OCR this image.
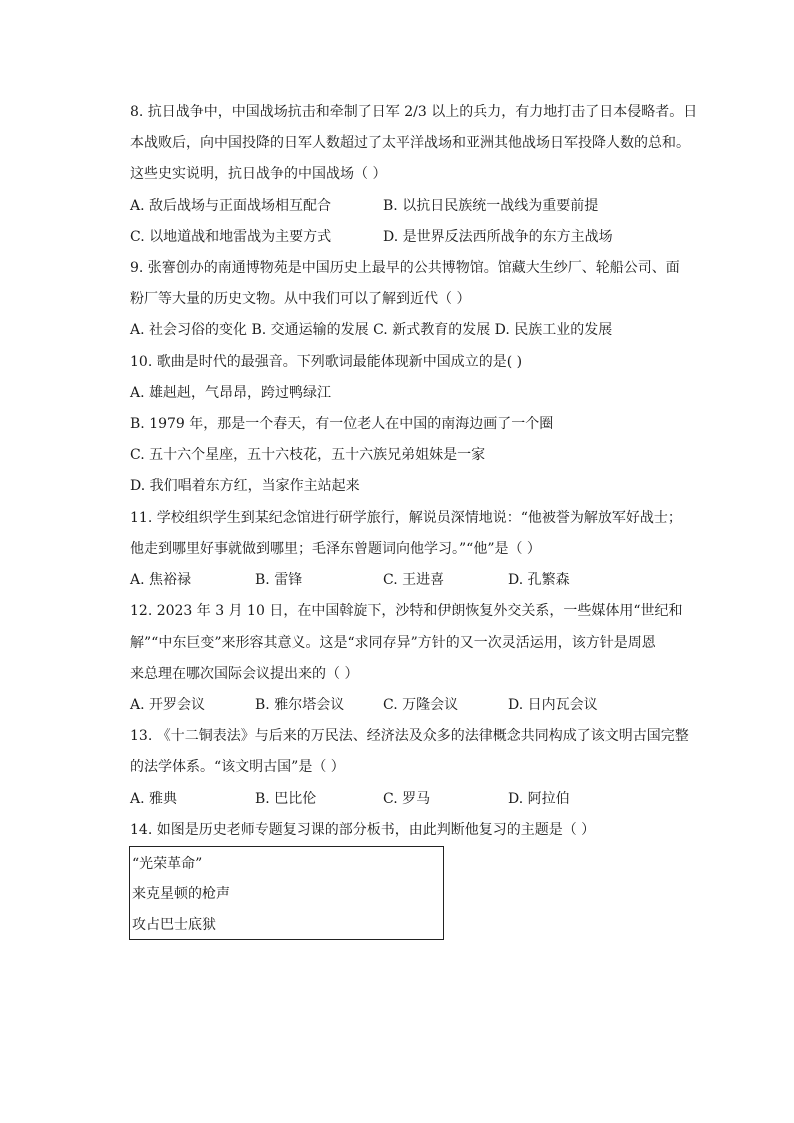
8. 抗日战争中，中国战场抗击和牵制了日军 2/3 以上的兵力，有力地打击了日本侵略者。日
本战败后，向中国投降的日军人数超过了太平洋战场和亚洲其他战场日军投降人数的总和。
这些史实说明，抗日战争的中国战场（ ）
A. 敌后战场与正面战场相互配合	B. 以抗日民族统一战线为重要前提
C. 以地道战和地雷战为主要方式	D. 是世界反法西所战争的东方主战场
9. 张謇创办的南通博物苑是中国历史上最早的公共博物馆。馆藏大生纱厂、轮船公司、面
粉厂等大量的历史文物。从中我们可以了解到近代（ ）
A. 社会习俗的变化 B. 交通运输的发展 C. 新式教育的发展 D. 民族工业的发展
10. 歌曲是时代的最强音。下列歌词最能体现新中国成立的是( )
A. 雄赳赳，气昂昂，跨过鸭绿江
B. 1979 年，那是一个春天，有一位老人在中国的南海边画了一个圈
C. 五十六个星座，五十六枝花，五十六族兄弟姐妹是一家
D. 我们唱着东方红，当家作主站起来
11. 学校组织学生到某纪念馆进行研学旅行，解说员深情地说：“他被誉为解放军好战士；
他走到哪里好事就做到哪里；毛泽东曾题词向他学习。”“他”是（ ）
A. 焦裕禄	B. 雷锋	C. 王进喜	D. 孔繁森
12. 2023 年 3 月 10 日，在中国斡旋下，沙特和伊朗恢复外交关系，一些媒体用“世纪和
解”“中东巨变”来形容其意义。这是“求同存异”方针的又一次灵活运用，该方针是周恩
来总理在哪次国际会议提出来的（ ）
A. 开罗会议	B. 雅尔塔会议	C. 万隆会议	D. 日内瓦会议
13. 《十二铜表法》与后来的万民法、经济法及众多的法律概念共同构成了该文明古国完整
的法学体系。“该文明古国”是（ ）
A. 雅典	B. 巴比伦	C. 罗马	D. 阿拉伯
14. 如图是历史老师专题复习课的部分板书，由此判断他复习的主题是（ ）
“光荣革命”
来克星顿的枪声
攻占巴士底狱
